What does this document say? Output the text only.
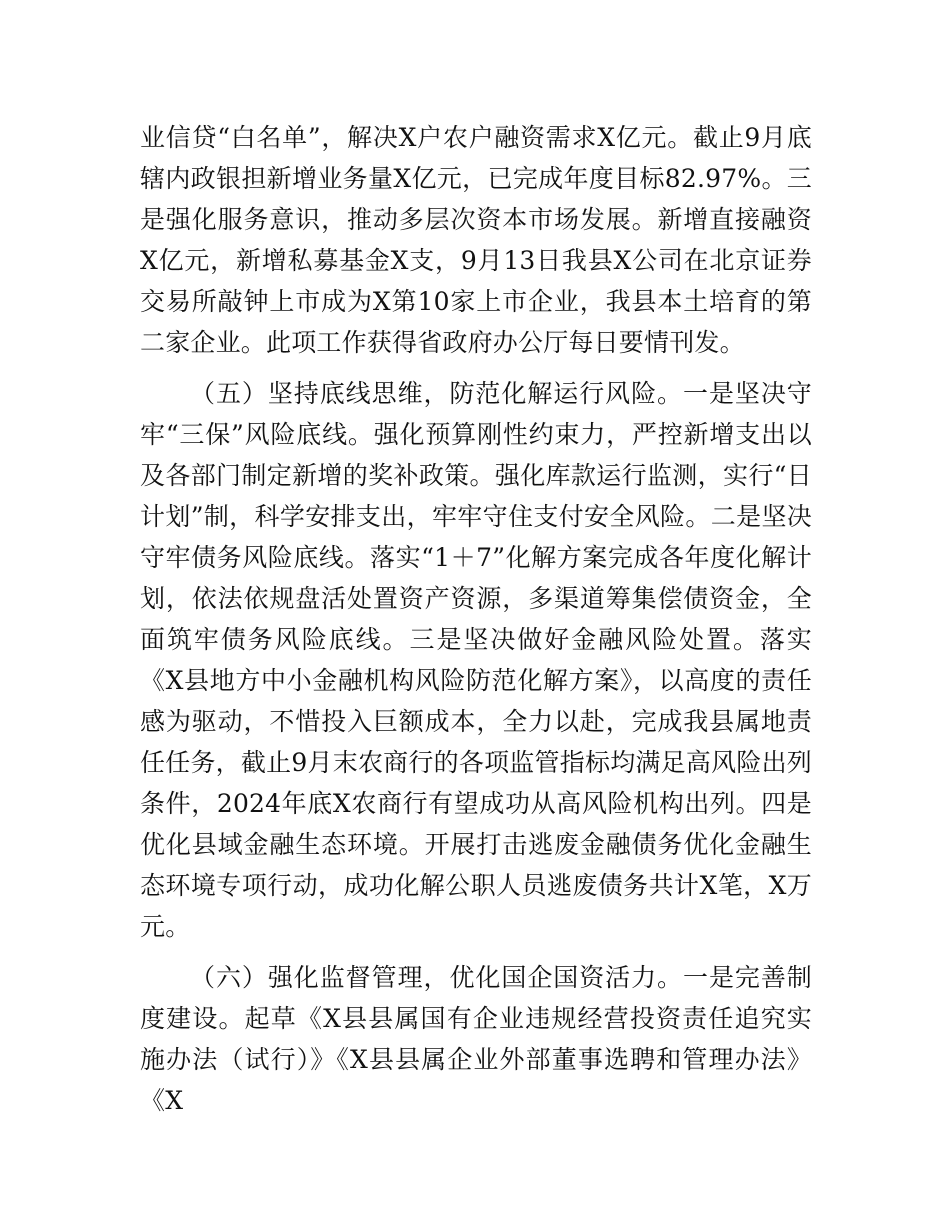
业信贷“白名单”，解决X户农户融资需求X亿元。截止9月底辖内政银担新增业务量X亿元，已完成年度目标82.97%。三是强化服务意识，推动多层次资本市场发展。新增直接融资X亿元，新增私募基金X支，9月13日我县X公司在北京证券交易所敲钟上市成为X第10家上市企业，我县本土培育的第二家企业。此项工作获得省政府办公厅每日要情刊发。

（五）坚持底线思维，防范化解运行风险。一是坚决守牢“三保”风险底线。强化预算刚性约束力，严控新增支出以及各部门制定新增的奖补政策。强化库款运行监测，实行“日计划”制，科学安排支出，牢牢守住支付安全风险。二是坚决守牢债务风险底线。落实“1＋7”化解方案完成各年度化解计划，依法依规盘活处置资产资源，多渠道筹集偿债资金，全面筑牢债务风险底线。三是坚决做好金融风险处置。落实《X县地方中小金融机构风险防范化解方案》，以高度的责任感为驱动，不惜投入巨额成本，全力以赴，完成我县属地责任任务，截止9月末农商行的各项监管指标均满足高风险出列条件，2024年底X农商行有望成功从高风险机构出列。四是优化县域金融生态环境。开展打击逃废金融债务优化金融生态环境专项行动，成功化解公职人员逃废债务共计X笔，X万元。

（六）强化监督管理，优化国企国资活力。一是完善制度建设。起草《X县县属国有企业违规经营投资责任追究实施办法（试行）》《X县县属企业外部董事选聘和管理办法》《X
